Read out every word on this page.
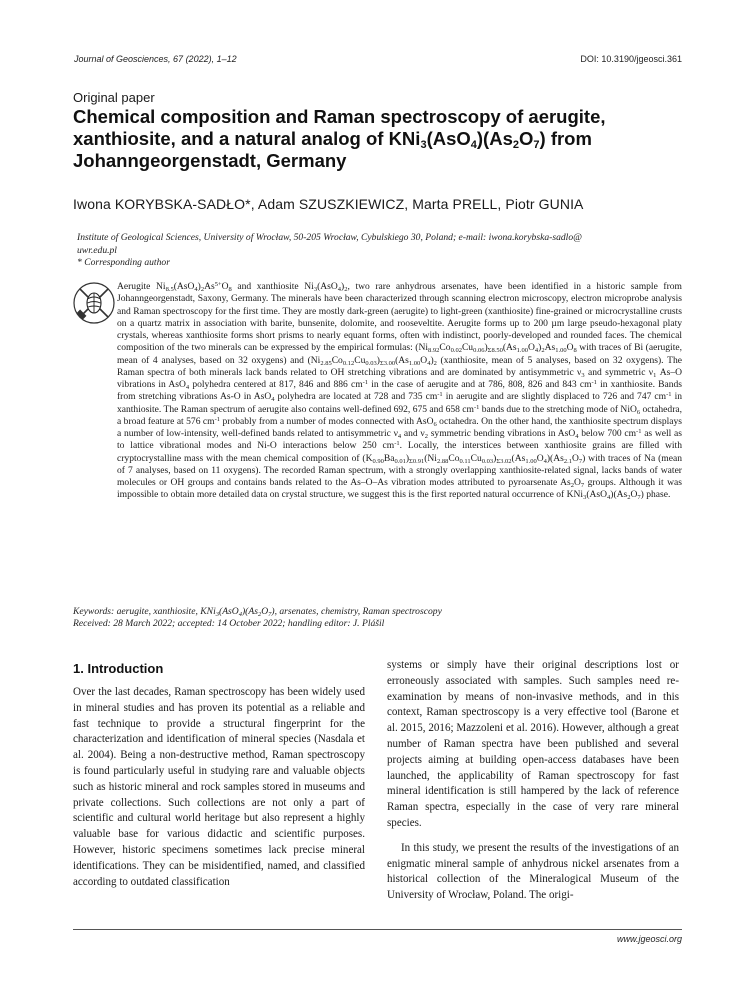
Journal of Geosciences, 67 (2022), 1–12	DOI: 10.3190/jgeosci.361
Original paper
Chemical composition and Raman spectroscopy of aerugite, xanthiosite, and a natural analog of $KNi_3(AsO_4)(As_2O_7)$ from Johanngeorgenstadt, Germany
Iwona KORYBSKA-SADŁO*, Adam SZUSZKIEWICZ, Marta PRELL, Piotr GUNIA
Institute of Geological Sciences, University of Wrocław, 50-205 Wrocław, Cybulskiego 30, Poland; e-mail: iwona.korybska-sadlo@
uwr.edu.pl
* Corresponding author
Aerugite $Ni_{8.5}(AsO_4)_2As^{5+}O_8$ and xanthiosite $Ni_3(AsO_4)_2$, two rare anhydrous arsenates, have been identified in a historic sample from Johanngeorgenstadt, Saxony, Germany. The minerals have been characterized through scanning electron microscopy, electron microprobe analysis and Raman spectroscopy for the first time. They are mostly dark-green (aerugite) to light-green (xanthiosite) fine-grained or microcrystalline crusts on a quartz matrix in association with barite, bunsenite, dolomite, and rooseveltite. Aerugite forms up to 200 µm large pseudo-hexagonal platy crystals, whereas xanthiosite forms short prisms to nearly equant forms, often with indistinct, poorly-developed and rounded faces. The chemical composition of the two minerals can be expressed by the empirical formulas: $(Ni_{8.92}Co_{0.02}Cu_{0.06})_{\Sigma 8.50}(As_{1.00}O_4)_2As_{1.00}O_8$ with traces of Bi (aerugite, mean of 4 analyses, based on 32 oxygens) and $(Ni_{2.85}Co_{0.12}Cu_{0.03})_{\Sigma 3.00}(As_{1.00}O_4)_2$ (xanthiosite, mean of 5 analyses, based on 32 oxygens). The Raman spectra of both minerals lack bands related to OH stretching vibrations and are dominated by antisymmetric $\nu_3$ and symmetric $\nu_1$ As–O vibrations in AsO$_4$ polyhedra centered at 817, 846 and 886 $cm^{-1}$ in the case of aerugite and at 786, 808, 826 and 843 $cm^{-1}$ in xanthiosite. Bands from stretching vibrations As-O in AsO$_4$ polyhedra are located at 728 and 735 $cm^{-1}$ in aerugite and are slightly displaced to 726 and 747 $cm^{-1}$ in xanthiosite. The Raman spectrum of aerugite also contains well-defined 692, 675 and 658 $cm^{-1}$ bands due to the stretching mode of NiO$_6$ octahedra, a broad feature at 576 $cm^{-1}$ probably from a number of modes connected with AsO$_6$ octahedra. On the other hand, the xanthiosite spectrum displays a number of low-intensity, well-defined bands related to antisymmetric $\nu_4$ and $\nu_2$ symmetric bending vibrations in AsO$_4$ below 700 $cm^{-1}$ as well as to lattice vibrational modes and Ni-O interactions below 250 $cm^{-1}$. Locally, the interstices between xanthiosite grains are filled with cryptocrystalline mass with the mean chemical composition of $(K_{0.90}Ba_{0.01})_{\Sigma 0.91}(Ni_{2.88}Co_{0.11}Cu_{0.03})_{\Sigma 3.02}(As_{1.00}O_4)(As_{2.1}O_7)$ with traces of Na (mean of 7 analyses, based on 11 oxygens). The recorded Raman spectrum, with a strongly overlapping xanthiosite-related signal, lacks bands of water molecules or OH groups and contains bands related to the As–O–As vibration modes attributed to pyroarsenate $As_2O_7$ groups. Although it was impossible to obtain more detailed data on crystal structure, we suggest this is the first reported natural occurrence of $KNi_3(AsO_4)(As_2O_7)$ phase.
Keywords: aerugite, xanthiosite, $KNi_3(AsO_4)(As_2O_7)$, arsenates, chemistry, Raman spectroscopy
Received: 28 March 2022; accepted: 14 October 2022; handling editor: J. Plášil
1. Introduction

Over the last decades, Raman spectroscopy has been widely used in mineral studies and has proven its potential as a reliable and fast technique to provide a structural fingerprint for the characterization and identification of mineral species (Nasdala et al. 2004). Being a non-destructive method, Raman spectroscopy is found particularly useful in studying rare and valuable objects such as historic mineral and rock samples stored in museums and private collections. Such collections are not only a part of scientific and cultural world heritage but also represent a highly valuable base for various didactic and scientific purposes. However, historic specimens sometimes lack precise mineral identifications. They can be misidentified, named, and classified according to outdated classification

systems or simply have their original descriptions lost or erroneously associated with samples. Such samples need re-examination by means of non-invasive methods, and in this context, Raman spectroscopy is a very effective tool (Barone et al. 2015, 2016; Mazzoleni et al. 2016). However, although a great number of Raman spectra have been published and several projects aiming at building open-access databases have been launched, the applicability of Raman spectroscopy for fast mineral identification is still hampered by the lack of reference Raman spectra, especially in the case of very rare mineral species.

In this study, we present the results of the investigations of an enigmatic mineral sample of anhydrous nickel arsenates from a historical collection of the Mineralogical Museum of the University of Wrocław, Poland. The origi-

www.jgeosci.org
